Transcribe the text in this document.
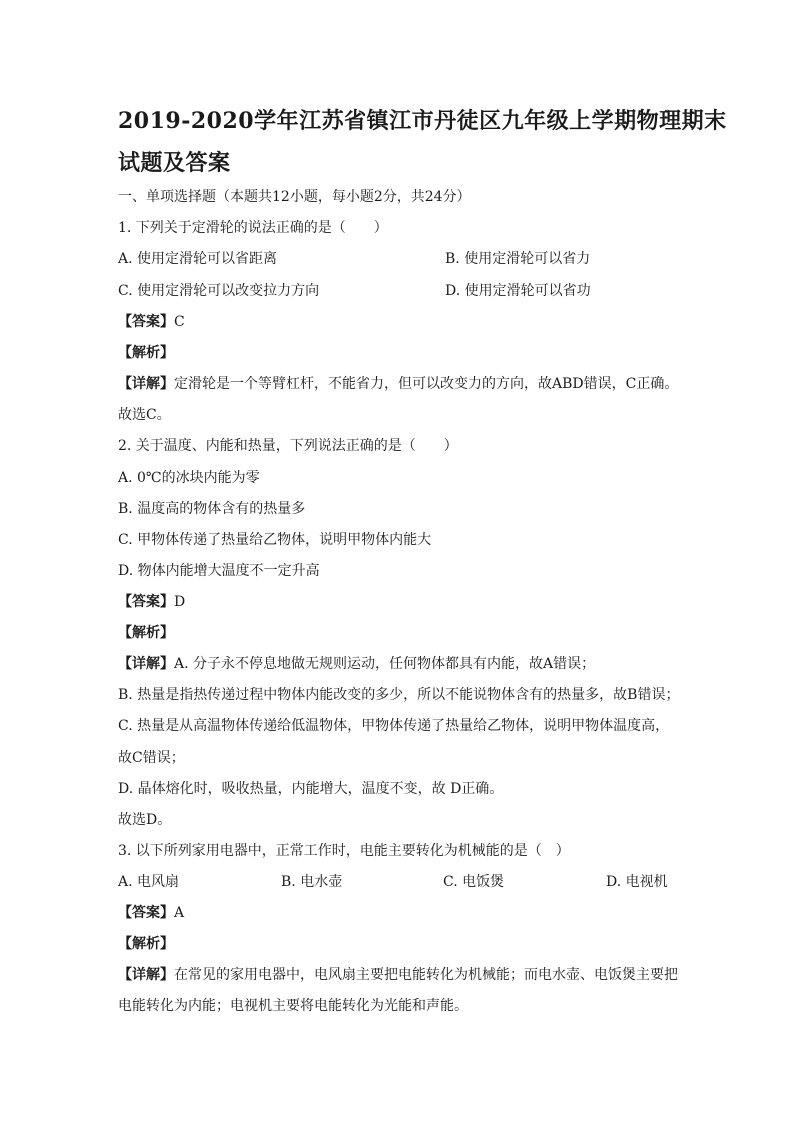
2019-2020学年江苏省镇江市丹徒区九年级上学期物理期末
试题及答案
一、单项选择题（本题共12小题，每小题2分，共24分）
1. 下列关于定滑轮的说法正确的是（　　）
A. 使用定滑轮可以省距离	B. 使用定滑轮可以省力
C. 使用定滑轮可以改变拉力方向	D. 使用定滑轮可以省功
【答案】C
【解析】
【详解】定滑轮是一个等臂杠杆，不能省力，但可以改变力的方向，故ABD错误，C正确。
故选C。
2. 关于温度、内能和热量，下列说法正确的是（　　）
A. 0℃的冰块内能为零
B. 温度高的物体含有的热量多
C. 甲物体传递了热量给乙物体，说明甲物体内能大
D. 物体内能增大温度不一定升高
【答案】D
【解析】
【详解】A. 分子永不停息地做无规则运动，任何物体都具有内能，故A错误；
B. 热量是指热传递过程中物体内能改变的多少，所以不能说物体含有的热量多，故B错误；
C. 热量是从高温物体传递给低温物体，甲物体传递了热量给乙物体，说明甲物体温度高，
故C错误；
D. 晶体熔化时，吸收热量，内能增大，温度不变，故 D正确。
故选D。
3. 以下所列家用电器中，正常工作时，电能主要转化为机械能的是（　）
A. 电风扇	B. 电水壶	C. 电饭煲	D. 电视机
【答案】A
【解析】
【详解】在常见的家用电器中，电风扇主要把电能转化为机械能；而电水壶、电饭煲主要把
电能转化为内能；电视机主要将电能转化为光能和声能。
